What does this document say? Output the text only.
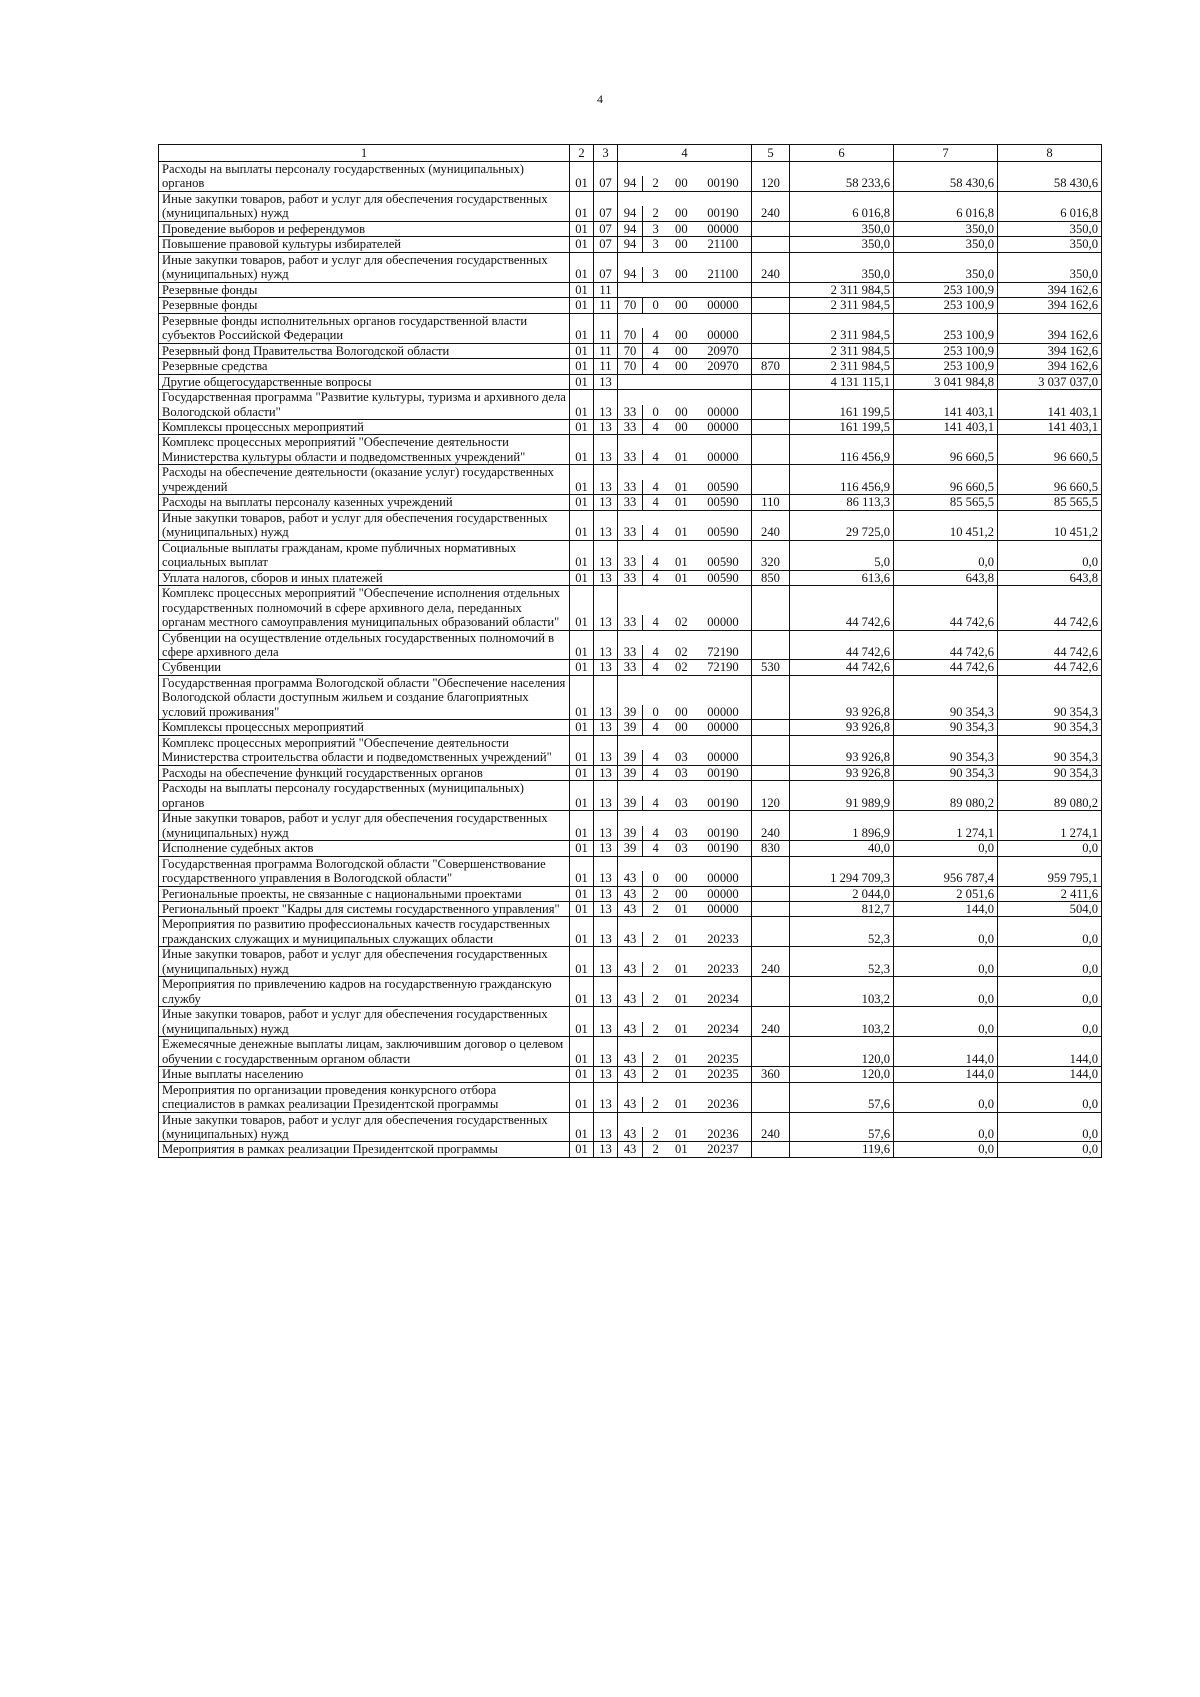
4
1	2	3	4	5	6	7	8
Расходы на выплаты персоналу государственных (муниципальных) органов	01	07	94 2 00 00190	120	58 233,6	58 430,6	58 430,6
Иные закупки товаров, работ и услуг для обеспечения государственных (муниципальных) нужд	01	07	94 2 00 00190	240	6 016,8	6 016,8	6 016,8
Проведение выборов и референдумов	01	07	94 3 00 00000		350,0	350,0	350,0
Повышение правовой культуры избирателей	01	07	94 3 00 21100		350,0	350,0	350,0
Иные закупки товаров, работ и услуг для обеспечения государственных (муниципальных) нужд	01	07	94 3 00 21100	240	350,0	350,0	350,0
Резервные фонды	01	11			2 311 984,5	253 100,9	394 162,6
Резервные фонды	01	11	70 0 00 00000		2 311 984,5	253 100,9	394 162,6
Резервные фонды исполнительных органов государственной власти субъектов Российской Федерации	01	11	70 4 00 00000		2 311 984,5	253 100,9	394 162,6
Резервный фонд Правительства Вологодской области	01	11	70 4 00 20970		2 311 984,5	253 100,9	394 162,6
Резервные средства	01	11	70 4 00 20970	870	2 311 984,5	253 100,9	394 162,6
Другие общегосударственные вопросы	01	13			4 131 115,1	3 041 984,8	3 037 037,0
Государственная программа "Развитие культуры, туризма и архивного дела Вологодской области"	01	13	33 0 00 00000		161 199,5	141 403,1	141 403,1
Комплексы процессных мероприятий	01	13	33 4 00 00000		161 199,5	141 403,1	141 403,1
Комплекс процессных мероприятий "Обеспечение деятельности Министерства культуры области и подведомственных учреждений"	01	13	33 4 01 00000		116 456,9	96 660,5	96 660,5
Расходы на обеспечение деятельности (оказание услуг) государственных учреждений	01	13	33 4 01 00590		116 456,9	96 660,5	96 660,5
Расходы на выплаты персоналу казенных учреждений	01	13	33 4 01 00590	110	86 113,3	85 565,5	85 565,5
Иные закупки товаров, работ и услуг для обеспечения государственных (муниципальных) нужд	01	13	33 4 01 00590	240	29 725,0	10 451,2	10 451,2
Социальные выплаты гражданам, кроме публичных нормативных социальных выплат	01	13	33 4 01 00590	320	5,0	0,0	0,0
Уплата налогов, сборов и иных платежей	01	13	33 4 01 00590	850	613,6	643,8	643,8
Комплекс процессных мероприятий "Обеспечение исполнения отдельных государственных полномочий в сфере архивного дела, переданных органам местного самоуправления муниципальных образований области"	01	13	33 4 02 00000		44 742,6	44 742,6	44 742,6
Субвенции на осуществление отдельных государственных полномочий в сфере архивного дела	01	13	33 4 02 72190		44 742,6	44 742,6	44 742,6
Субвенции	01	13	33 4 02 72190	530	44 742,6	44 742,6	44 742,6
Государственная программа Вологодской области "Обеспечение населения Вологодской области доступным жильем и создание благоприятных условий проживания"	01	13	39 0 00 00000		93 926,8	90 354,3	90 354,3
Комплексы процессных мероприятий	01	13	39 4 00 00000		93 926,8	90 354,3	90 354,3
Комплекс процессных мероприятий "Обеспечение деятельности Министерства строительства области и подведомственных учреждений"	01	13	39 4 03 00000		93 926,8	90 354,3	90 354,3
Расходы на обеспечение функций государственных органов	01	13	39 4 03 00190		93 926,8	90 354,3	90 354,3
Расходы на выплаты персоналу государственных (муниципальных) органов	01	13	39 4 03 00190	120	91 989,9	89 080,2	89 080,2
Иные закупки товаров, работ и услуг для обеспечения государственных (муниципальных) нужд	01	13	39 4 03 00190	240	1 896,9	1 274,1	1 274,1
Исполнение судебных актов	01	13	39 4 03 00190	830	40,0	0,0	0,0
Государственная программа Вологодской области "Совершенствование государственного управления в Вологодской области"	01	13	43 0 00 00000		1 294 709,3	956 787,4	959 795,1
Региональные проекты, не связанные с национальными проектами	01	13	43 2 00 00000		2 044,0	2 051,6	2 411,6
Региональный проект "Кадры для системы государственного управления"	01	13	43 2 01 00000		812,7	144,0	504,0
Мероприятия по развитию профессиональных качеств государственных гражданских служащих и муниципальных служащих области	01	13	43 2 01 20233		52,3	0,0	0,0
Иные закупки товаров, работ и услуг для обеспечения государственных (муниципальных) нужд	01	13	43 2 01 20233	240	52,3	0,0	0,0
Мероприятия по привлечению кадров на государственную гражданскую службу	01	13	43 2 01 20234		103,2	0,0	0,0
Иные закупки товаров, работ и услуг для обеспечения государственных (муниципальных) нужд	01	13	43 2 01 20234	240	103,2	0,0	0,0
Ежемесячные денежные выплаты лицам, заключившим договор о целевом обучении с государственным органом области	01	13	43 2 01 20235		120,0	144,0	144,0
Иные выплаты населению	01	13	43 2 01 20235	360	120,0	144,0	144,0
Мероприятия по организации проведения конкурсного отбора специалистов в рамках реализации Президентской программы	01	13	43 2 01 20236		57,6	0,0	0,0
Иные закупки товаров, работ и услуг для обеспечения государственных (муниципальных) нужд	01	13	43 2 01 20236	240	57,6	0,0	0,0
Мероприятия в рамках реализации Президентской программы	01	13	43 2 01 20237		119,6	0,0	0,0
